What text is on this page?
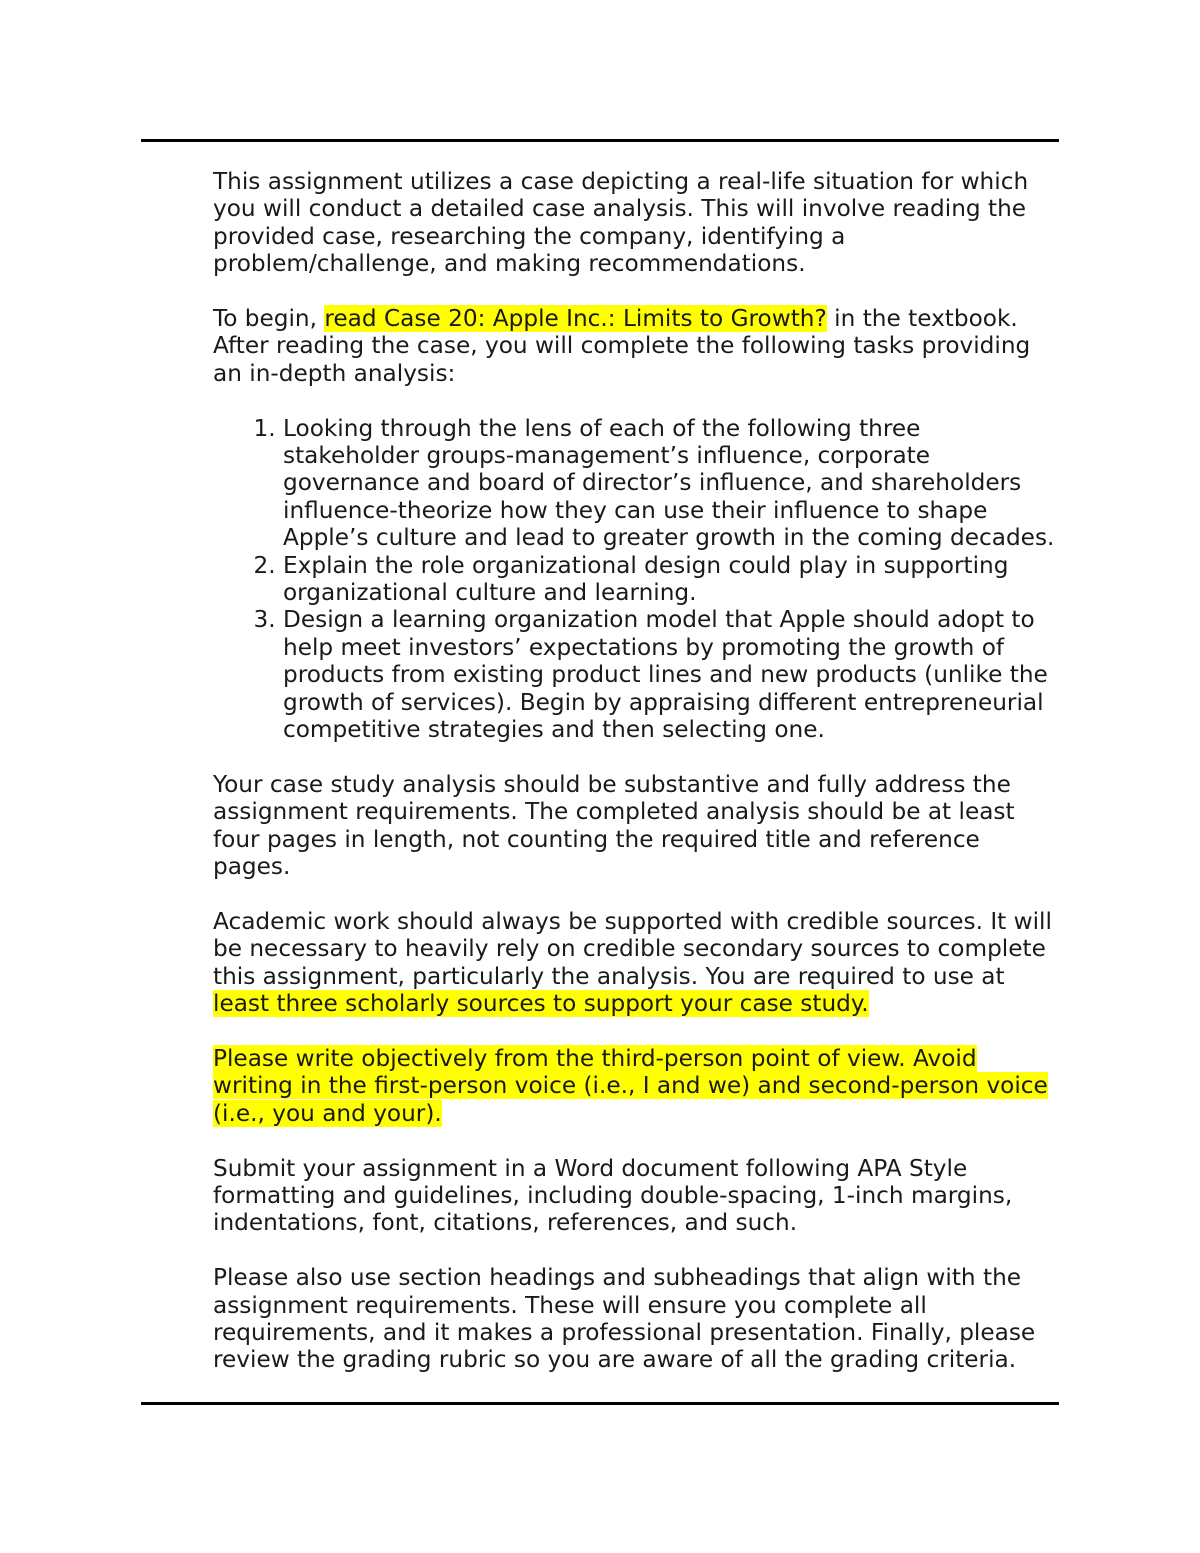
This assignment utilizes a case depicting a real-life situation for which you will conduct a detailed case analysis. This will involve reading the provided case, researching the company, identifying a problem/challenge, and making recommendations.

To begin, read Case 20: Apple Inc.: Limits to Growth? in the textbook. After reading the case, you will complete the following tasks providing an in-depth analysis:

1. Looking through the lens of each of the following three stakeholder groups-management’s influence, corporate governance and board of director’s influence, and shareholders influence-theorize how they can use their influence to shape Apple’s culture and lead to greater growth in the coming decades.
2. Explain the role organizational design could play in supporting organizational culture and learning.
3. Design a learning organization model that Apple should adopt to help meet investors’ expectations by promoting the growth of products from existing product lines and new products (unlike the growth of services). Begin by appraising different entrepreneurial competitive strategies and then selecting one.

Your case study analysis should be substantive and fully address the assignment requirements. The completed analysis should be at least four pages in length, not counting the required title and reference pages.

Academic work should always be supported with credible sources. It will be necessary to heavily rely on credible secondary sources to complete this assignment, particularly the analysis. You are required to use at least three scholarly sources to support your case study.

Please write objectively from the third-person point of view. Avoid writing in the first-person voice (i.e., I and we) and second-person voice (i.e., you and your).

Submit your assignment in a Word document following APA Style formatting and guidelines, including double-spacing, 1-inch margins, indentations, font, citations, references, and such.

Please also use section headings and subheadings that align with the assignment requirements. These will ensure you complete all requirements, and it makes a professional presentation. Finally, please review the grading rubric so you are aware of all the grading criteria.
